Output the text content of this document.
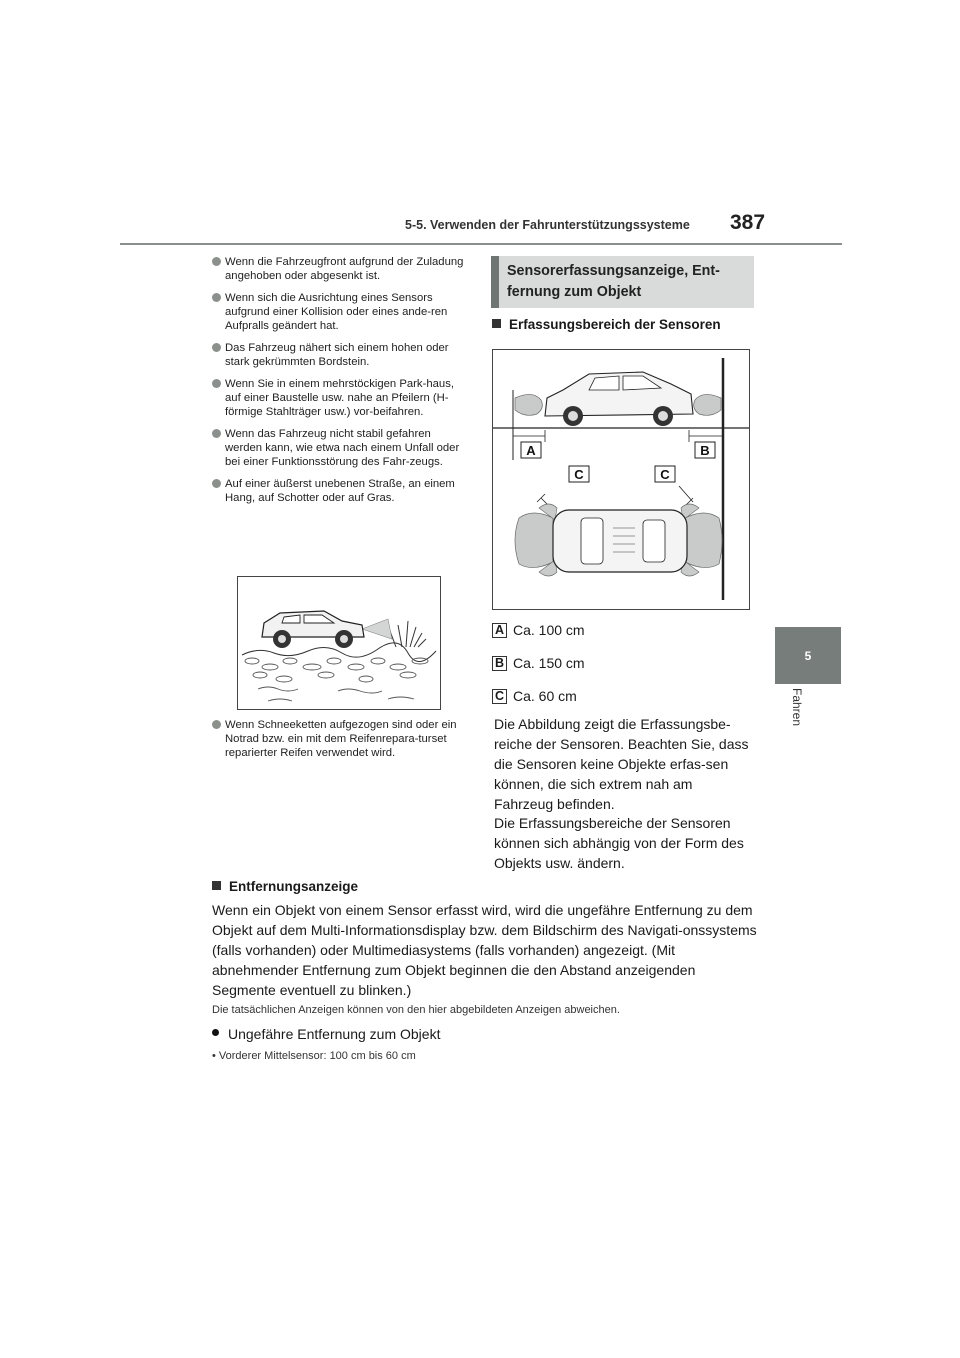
5-5. Verwenden der Fahrunterstützungssysteme 387
5
Fahren
Wenn die Fahrzeugfront aufgrund der Zuladung angehoben oder abgesenkt ist.
Wenn sich die Ausrichtung eines Sensors aufgrund einer Kollision oder eines ande-ren Aufpralls geändert hat.
Das Fahrzeug nähert sich einem hohen oder stark gekrümmten Bordstein.
Wenn Sie in einem mehrstöckigen Park-haus, auf einer Baustelle usw. nahe an Pfeilern (H-förmige Stahlträger usw.) vor-beifahren.
Wenn das Fahrzeug nicht stabil gefahren werden kann, wie etwa nach einem Unfall oder bei einer Funktionsstörung des Fahr-zeugs.
Auf einer äußerst unebenen Straße, an einem Hang, auf Schotter oder auf Gras.
Wenn Schneeketten aufgezogen sind oder ein Notrad bzw. ein mit dem Reifenrepara-turset reparierter Reifen verwendet wird.
Sensorerfassungsanzeige, Ent-fernung zum Objekt
Erfassungsbereich der Sensoren
A	B
C	C
A Ca. 100 cm
B Ca. 150 cm
C Ca. 60 cm

Die Abbildung zeigt die Erfassungsbe-reiche der Sensoren. Beachten Sie, dass die Sensoren keine Objekte erfas-sen können, die sich extrem nah am Fahrzeug befinden.

Die Erfassungsbereiche der Sensoren können sich abhängig von der Form des Objekts usw. ändern.

Entfernungsanzeige

Wenn ein Objekt von einem Sensor erfasst wird, wird die ungefähre Entfernung zu dem Objekt auf dem Multi-Informationsdisplay bzw. dem Bildschirm des Navigati-onssystems (falls vorhanden) oder Multimediasystems (falls vorhanden) angezeigt. (Mit abnehmender Entfernung zum Objekt beginnen die den Abstand anzeigenden Segmente eventuell zu blinken.)

Die tatsächlichen Anzeigen können von den hier abgebildeten Anzeigen abweichen.
Ungefähre Entfernung zum Objekt
• Vorderer Mittelsensor: 100 cm bis 60 cm
